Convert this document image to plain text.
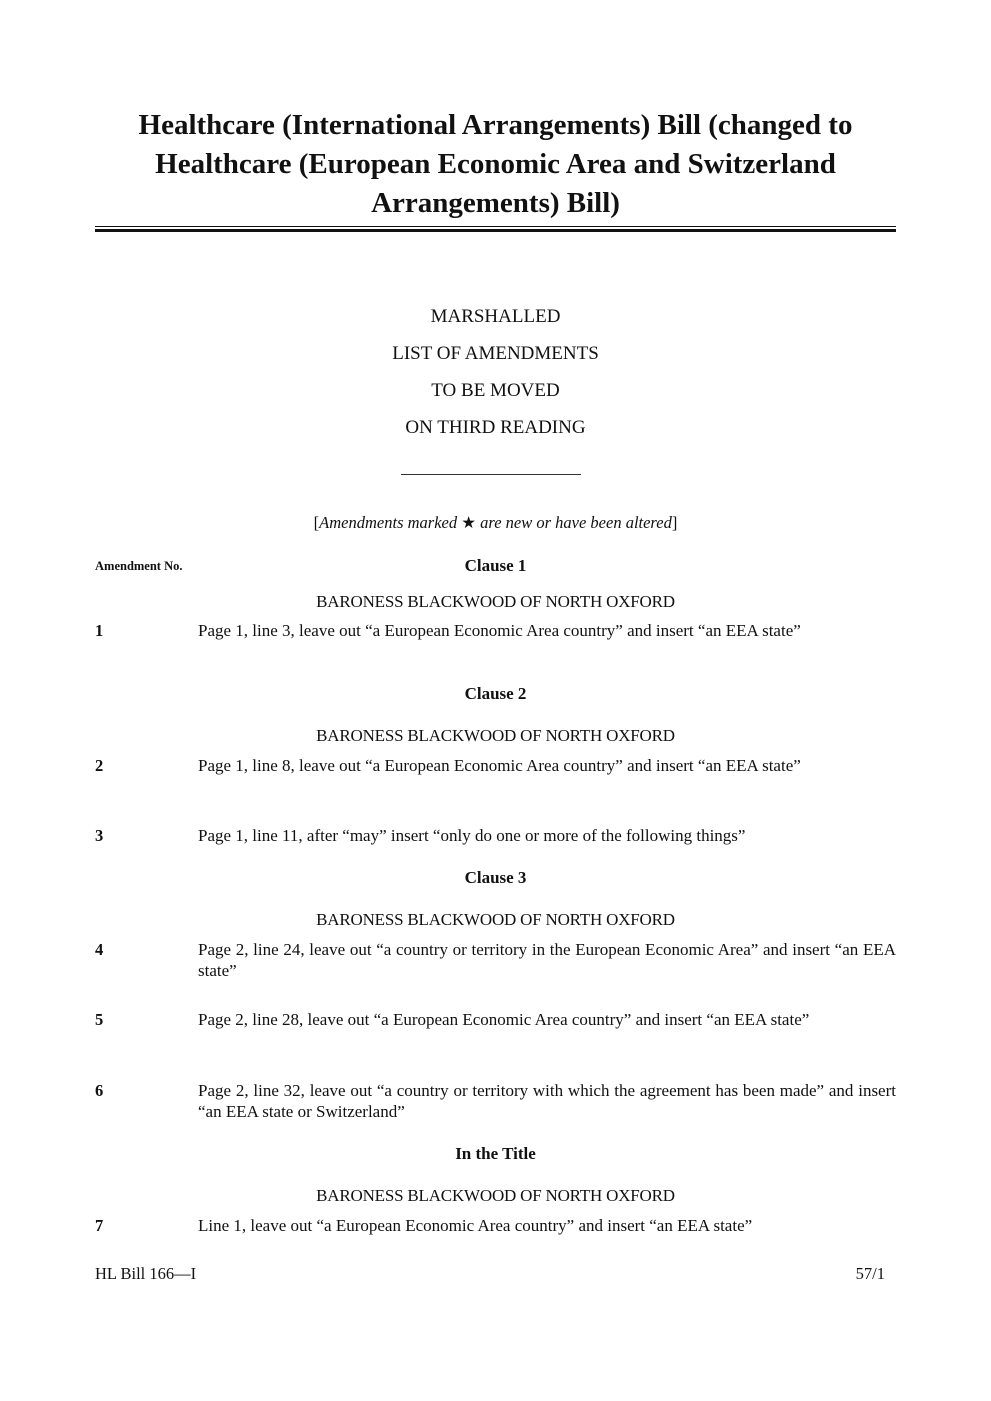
Healthcare (International Arrangements) Bill (changed to Healthcare (European Economic Area and Switzerland Arrangements) Bill)
MARSHALLED
LIST OF AMENDMENTS
TO BE MOVED
ON THIRD READING
[Amendments marked ★ are new or have been altered]
Amendment No.	Clause 1
BARONESS BLACKWOOD OF NORTH OXFORD
1	Page 1, line 3, leave out “a European Economic Area country” and insert “an EEA state”
Clause 2
BARONESS BLACKWOOD OF NORTH OXFORD
2	Page 1, line 8, leave out “a European Economic Area country” and insert “an EEA state”
3	Page 1, line 11, after “may” insert “only do one or more of the following things”
Clause 3
BARONESS BLACKWOOD OF NORTH OXFORD
4	Page 2, line 24, leave out “a country or territory in the European Economic Area” and insert “an EEA state”
5	Page 2, line 28, leave out “a European Economic Area country” and insert “an EEA state”
6	Page 2, line 32, leave out “a country or territory with which the agreement has been made” and insert “an EEA state or Switzerland”
In the Title
BARONESS BLACKWOOD OF NORTH OXFORD
7	Line 1, leave out “a European Economic Area country” and insert “an EEA state”
HL Bill 166—I	57/1
